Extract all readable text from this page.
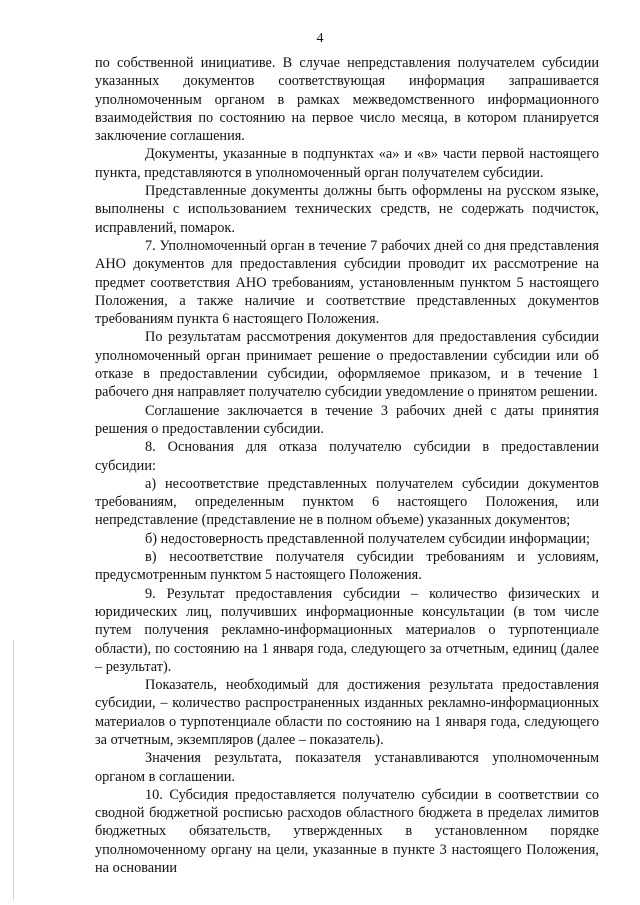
4

по собственной инициативе. В случае непредставления получателем субсидии указанных документов соответствующая информация запрашивается уполномоченным органом в рамках межведомственного информационного взаимодействия по состоянию на первое число месяца, в котором планируется заключение соглашения.

Документы, указанные в подпунктах «а» и «в» части первой настоящего пункта, представляются в уполномоченный орган получателем субсидии.

Представленные документы должны быть оформлены на русском языке, выполнены с использованием технических средств, не содержать подчисток, исправлений, помарок.

7. Уполномоченный орган в течение 7 рабочих дней со дня представления АНО документов для предоставления субсидии проводит их рассмотрение на предмет соответствия АНО требованиям, установленным пунктом 5 настоящего Положения, а также наличие и соответствие представленных документов требованиям пункта 6 настоящего Положения.

По результатам рассмотрения документов для предоставления субсидии уполномоченный орган принимает решение о предоставлении субсидии или об отказе в предоставлении субсидии, оформляемое приказом, и в течение 1 рабочего дня направляет получателю субсидии уведомление о принятом решении.

Соглашение заключается в течение 3 рабочих дней с даты принятия решения о предоставлении субсидии.

8. Основания для отказа получателю субсидии в предоставлении субсидии:

а) несоответствие представленных получателем субсидии документов требованиям, определенным пунктом 6 настоящего Положения, или непредставление (представление не в полном объеме) указанных документов;

б) недостоверность представленной получателем субсидии информации;

в) несоответствие получателя субсидии требованиям и условиям, предусмотренным пунктом 5 настоящего Положения.

9. Результат предоставления субсидии – количество физических и юридических лиц, получивших информационные консультации (в том числе путем получения рекламно-информационных материалов о турпотенциале области), по состоянию на 1 января года, следующего за отчетным, единиц (далее – результат).

Показатель, необходимый для достижения результата предоставления субсидии, – количество распространенных изданных рекламно-информационных материалов о турпотенциале области по состоянию на 1 января года, следующего за отчетным, экземпляров (далее – показатель).

Значения результата, показателя устанавливаются уполномоченным органом в соглашении.

10. Субсидия предоставляется получателю субсидии в соответствии со сводной бюджетной росписью расходов областного бюджета в пределах лимитов бюджетных обязательств, утвержденных в установленном порядке уполномоченному органу на цели, указанные в пункте 3 настоящего Положения, на основании
